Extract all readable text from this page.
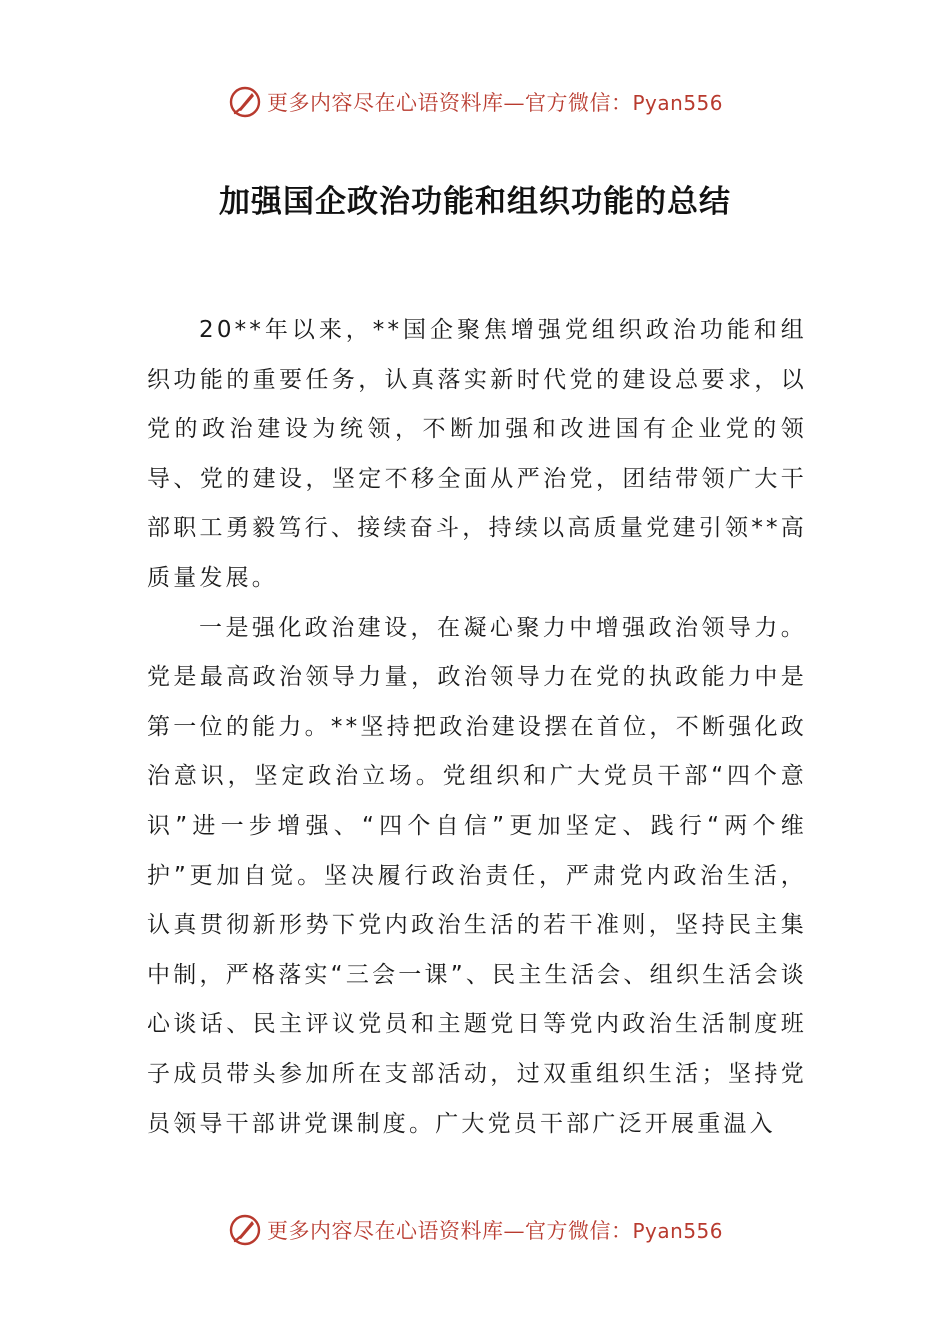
更多内容尽在心语资料库—官方微信：Pyan556
加强国企政治功能和组织功能的总结

20**年以来，**国企聚焦增强党组织政治功能和组织功能的重要任务，认真落实新时代党的建设总要求，以党的政治建设为统领，不断加强和改进国有企业党的领导、党的建设，坚定不移全面从严治党，团结带领广大干部职工勇毅笃行、接续奋斗，持续以高质量党建引领**高质量发展。

一是强化政治建设，在凝心聚力中增强政治领导力。党是最高政治领导力量，政治领导力在党的执政能力中是第一位的能力。**坚持把政治建设摆在首位，不断强化政治意识，坚定政治立场。党组织和广大党员干部“四个意识”进一步增强、“四个自信”更加坚定、践行“两个维护”更加自觉。坚决履行政治责任，严肃党内政治生活，认真贯彻新形势下党内政治生活的若干准则，坚持民主集中制，严格落实“三会一课”、民主生活会、组织生活会谈心谈话、民主评议党员和主题党日等党内政治生活制度班子成员带头参加所在支部活动，过双重组织生活；坚持党员领导干部讲党课制度。广大党员干部广泛开展重温入

更多内容尽在心语资料库—官方微信：Pyan556
